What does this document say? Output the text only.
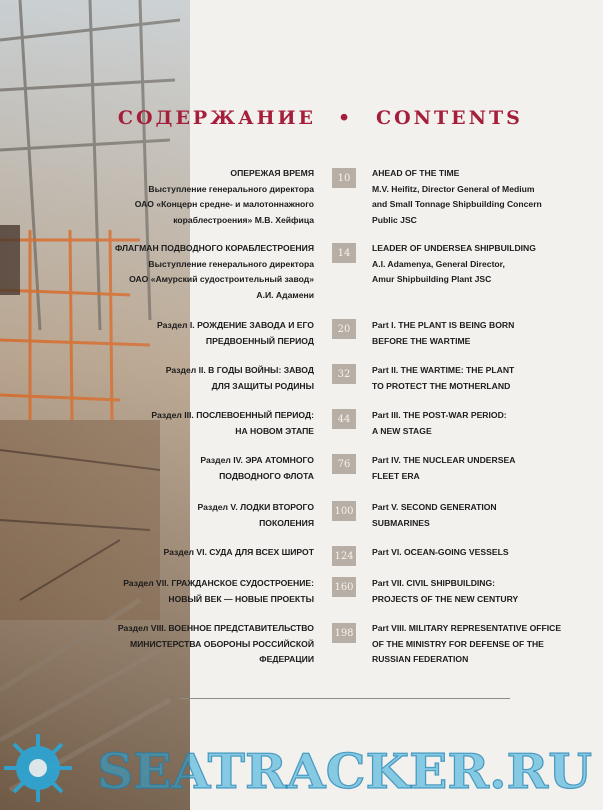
СОДЕРЖАНИЕ • CONTENTS
ОПЕРЕЖАЯ ВРЕМЯ
Выступление генерального директора
ОАО «Концерн средне- и малотоннажного
кораблестроения» М.В. Хейфица
10	AHEAD OF THE TIME
M.V. Heifitz, Director General of Medium
and Small Tonnage Shipbuilding Concern
Public JSC
ФЛАГМАН ПОДВОДНОГО КОРАБЛЕСТРОЕНИЯ
Выступление генерального директора
ОАО «Амурский судостроительный завод»
А.И. Адамени
14	LEADER OF UNDERSEA SHIPBUILDING
A.I. Adamenya, General Director,
Amur Shipbuilding Plant JSC
Раздел I. РОЖДЕНИЕ ЗАВОДА И ЕГО
ПРЕДВОЕННЫЙ ПЕРИОД
20	Part I. THE PLANT IS BEING BORN
BEFORE THE WARTIME
Раздел II. В ГОДЫ ВОЙНЫ: ЗАВОД
ДЛЯ ЗАЩИТЫ РОДИНЫ
32	Part II. THE WARTIME: THE PLANT
TO PROTECT THE MOTHERLAND
Раздел III. ПОСЛЕВОЕННЫЙ ПЕРИОД:
НА НОВОМ ЭТАПЕ
44	Part III. THE POST-WAR PERIOD:
A NEW STAGE
Раздел IV. ЭРА АТОМНОГО
ПОДВОДНОГО ФЛОТА
76	Part IV. THE NUCLEAR UNDERSEA
FLEET ERA
Раздел V. ЛОДКИ ВТОРОГО
ПОКОЛЕНИЯ
100 Part V. SECOND GENERATION
SUBMARINES
Раздел VI. СУДА ДЛЯ ВСЕХ ШИРОТ 124 Part VI. OCEAN-GOING VESSELS
Раздел VII. ГРАЖДАНСКОЕ СУДОСТРОЕНИЕ:
НОВЫЙ ВЕК — НОВЫЕ ПРОЕКТЫ
160 Part VII. CIVIL SHIPBUILDING:
PROJECTS OF THE NEW CENTURY
Раздел VIII. ВОЕННОЕ ПРЕДСТАВИТЕЛЬСТВО
МИНИСТЕРСТВА ОБОРОНЫ РОССИЙСКОЙ
ФЕДЕРАЦИИ
198 Part VIII. MILITARY REPRESENTATIVE OFFICE
OF THE MINISTRY FOR DEFENSE OF THE
RUSSIAN FEDERATION
SEATRACKER.RU
